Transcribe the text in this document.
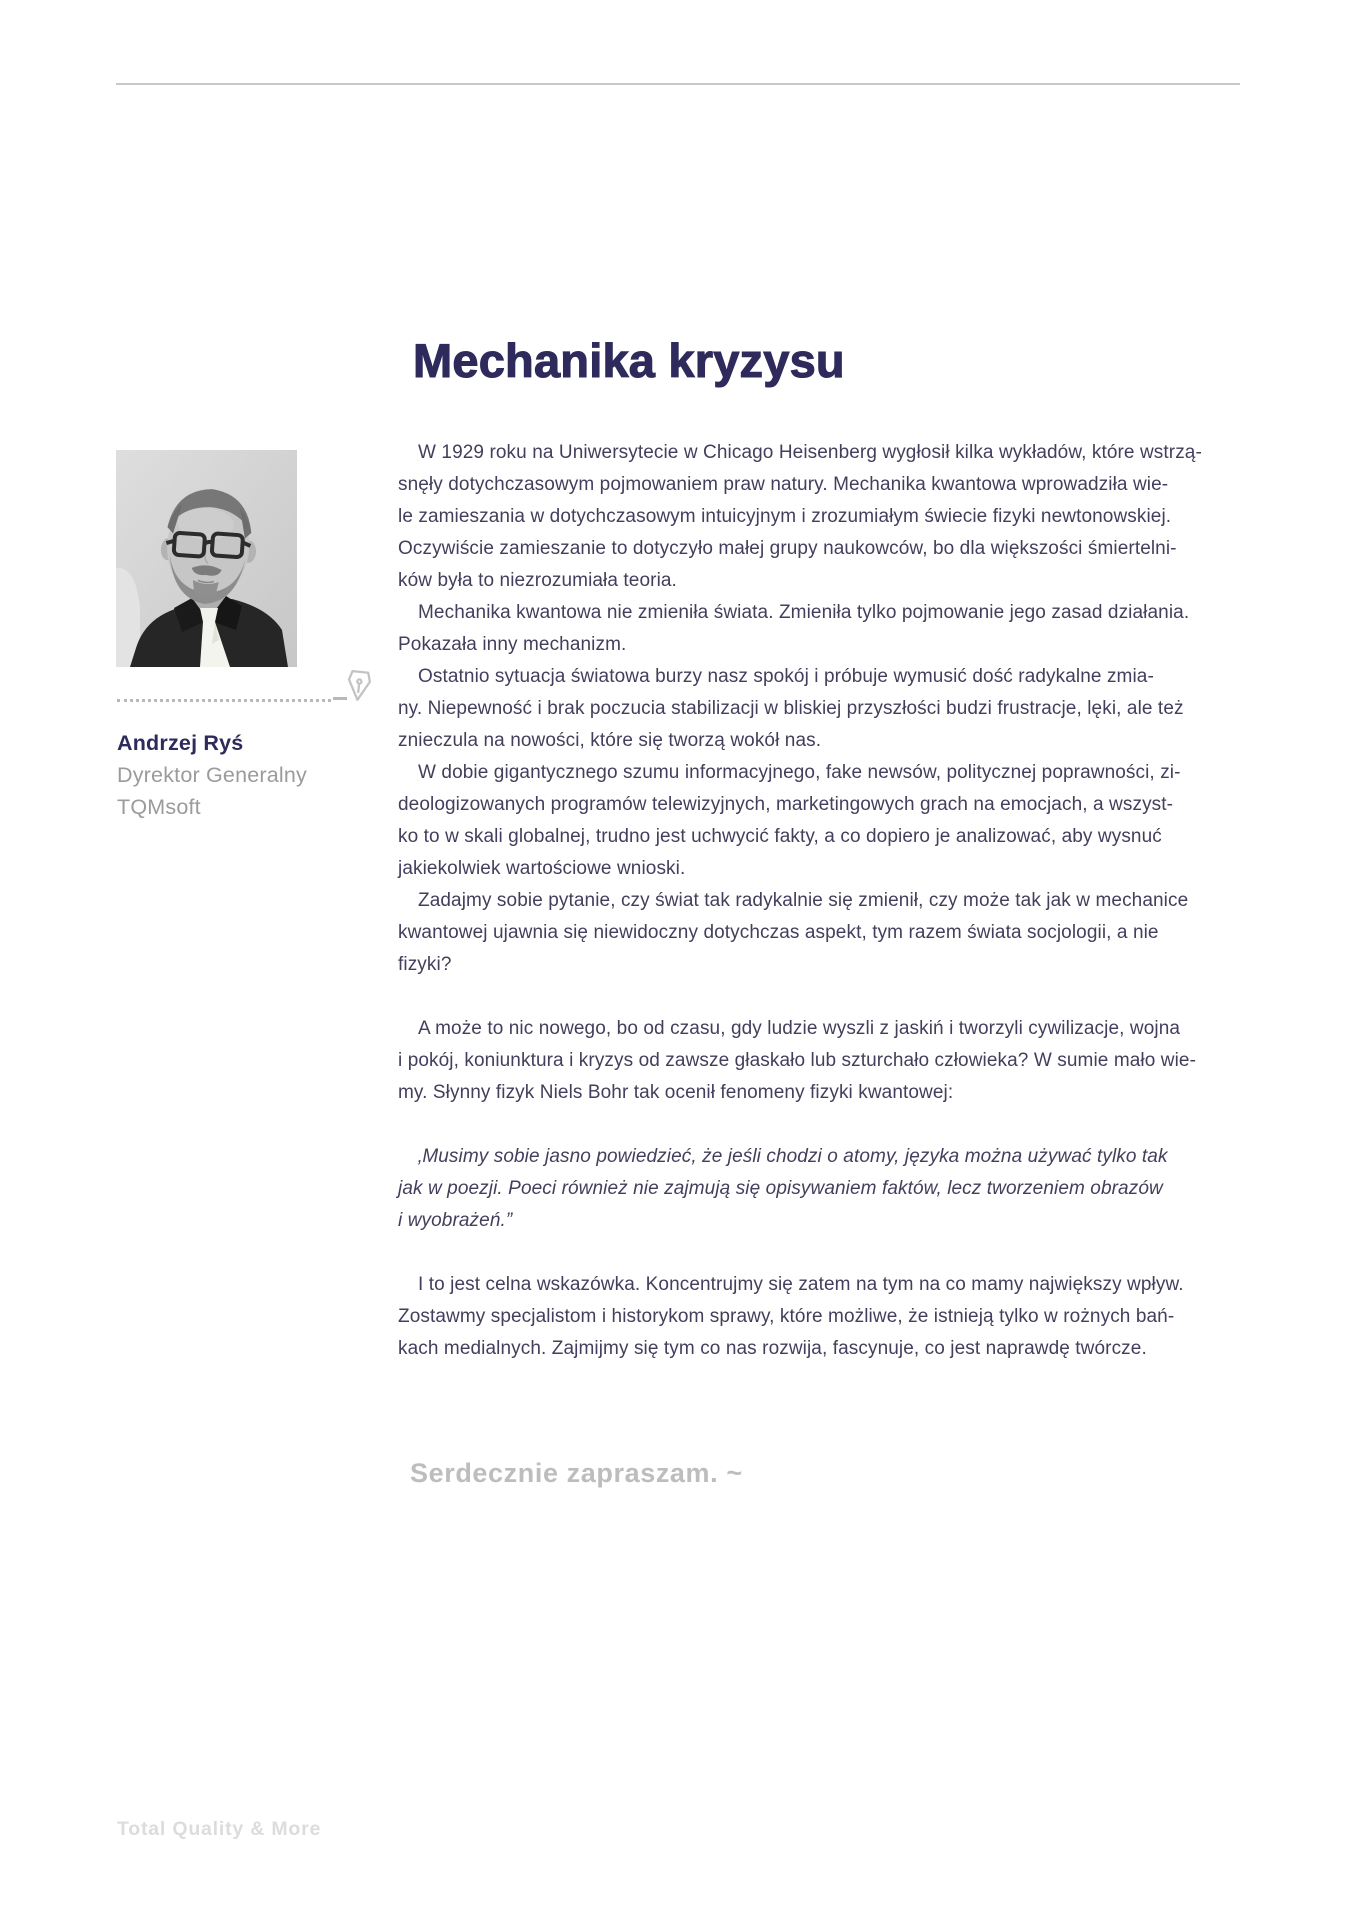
Mechanika kryzysu
Andrzej Ryś
Dyrektor Generalny
TQMsoft
W 1929 roku na Uniwersytecie w Chicago Heisenberg wygłosił kilka wykładów, które wstrzą-
snęły dotychczasowym pojmowaniem praw natury. Mechanika kwantowa wprowadziła wie-
le zamieszania w dotychczasowym intuicyjnym i zrozumiałym świecie fizyki newtonowskiej.
Oczywiście zamieszanie to dotyczyło małej grupy naukowców, bo dla większości śmiertelni-
ków była to niezrozumiała teoria.
Mechanika kwantowa nie zmieniła świata. Zmieniła tylko pojmowanie jego zasad działania.
Pokazała inny mechanizm.
Ostatnio sytuacja światowa burzy nasz spokój i próbuje wymusić dość radykalne zmia-
ny. Niepewność i brak poczucia stabilizacji w bliskiej przyszłości budzi frustracje, lęki, ale też
znieczula na nowości, które się tworzą wokół nas.
W dobie gigantycznego szumu informacyjnego, fake newsów, politycznej poprawności, zi-
deologizowanych programów telewizyjnych, marketingowych grach na emocjach, a wszyst-
ko to w skali globalnej, trudno jest uchwycić fakty, a co dopiero je analizować, aby wysnuć
jakiekolwiek wartościowe wnioski.
Zadajmy sobie pytanie, czy świat tak radykalnie się zmienił, czy może tak jak w mechanice
kwantowej ujawnia się niewidoczny dotychczas aspekt, tym razem świata socjologii, a nie
fizyki?
A może to nic nowego, bo od czasu, gdy ludzie wyszli z jaskiń i tworzyli cywilizacje, wojna
i pokój, koniunktura i kryzys od zawsze głaskało lub szturchało człowieka? W sumie mało wie-
my. Słynny fizyk Niels Bohr tak ocenił fenomeny fizyki kwantowej:
‚Musimy sobie jasno powiedzieć, że jeśli chodzi o atomy, języka można używać tylko tak
jak w poezji. Poeci również nie zajmują się opisywaniem faktów, lecz tworzeniem obrazów
i wyobrażeń.”
I to jest celna wskazówka. Koncentrujmy się zatem na tym na co mamy największy wpływ.
Zostawmy specjalistom i historykom sprawy, które możliwe, że istnieją tylko w rożnych bań-
kach medialnych. Zajmijmy się tym co nas rozwija, fascynuje, co jest naprawdę twórcze.
Serdecznie zapraszam. ~
Total Quality & More
